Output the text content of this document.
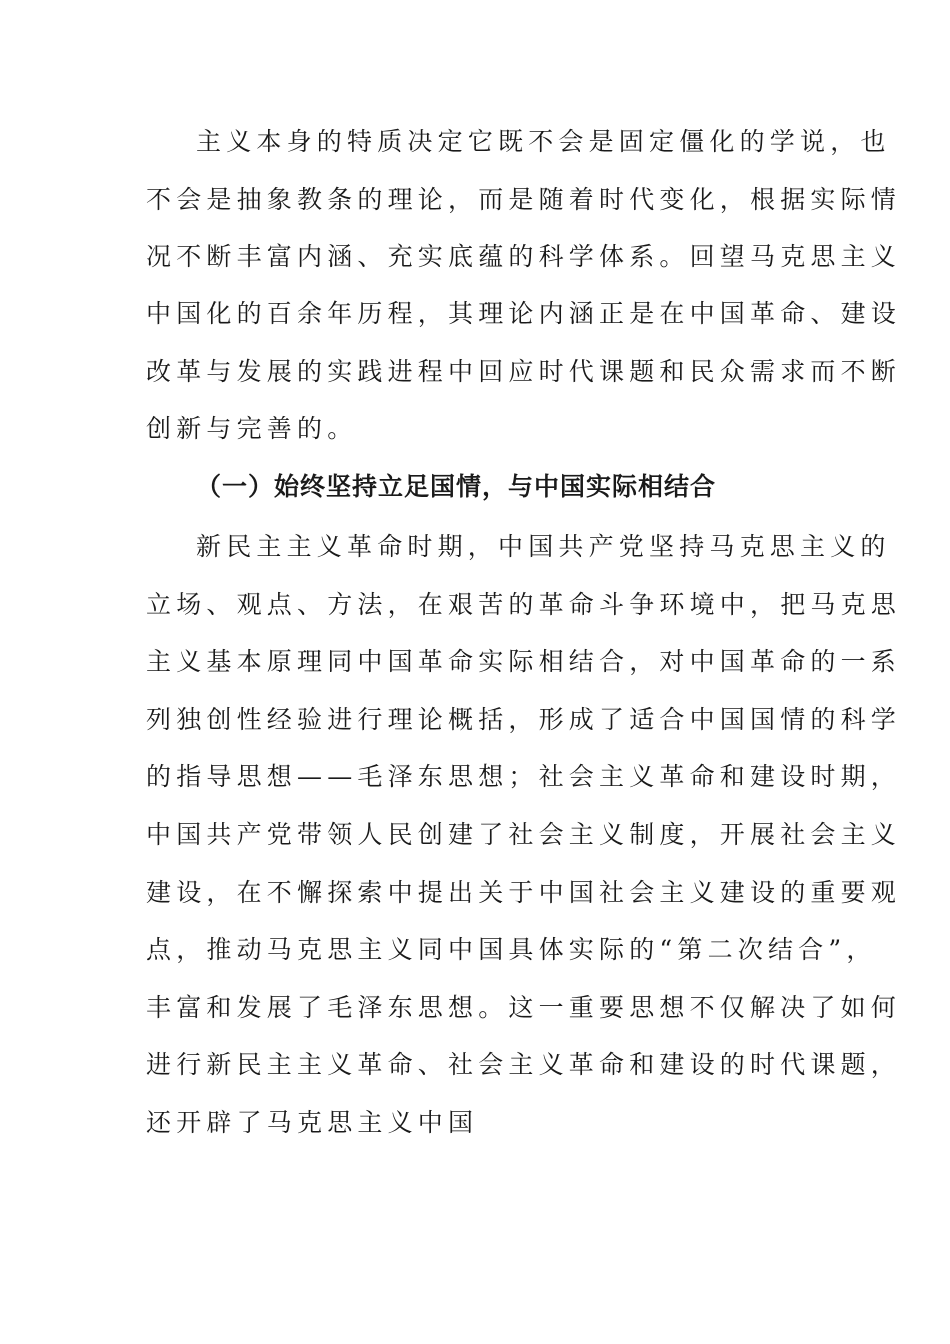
主义本身的特质决定它既不会是固定僵化的学说，也
不会是抽象教条的理论，而是随着时代变化，根据实际情
况不断丰富内涵、充实底蕴的科学体系。回望马克思主义
中国化的百余年历程，其理论内涵正是在中国革命、建设
改革与发展的实践进程中回应时代课题和民众需求而不断
创新与完善的。
（一）始终坚持立足国情，与中国实际相结合
新民主主义革命时期，中国共产党坚持马克思主义的
立场、观点、方法，在艰苦的革命斗争环境中，把马克思
主义基本原理同中国革命实际相结合，对中国革命的一系
列独创性经验进行理论概括，形成了适合中国国情的科学
的指导思想——毛泽东思想；社会主义革命和建设时期，
中国共产党带领人民创建了社会主义制度，开展社会主义
建设，在不懈探索中提出关于中国社会主义建设的重要观
点，推动马克思主义同中国具体实际的“第二次结合”，
丰富和发展了毛泽东思想。这一重要思想不仅解决了如何
进行新民主主义革命、社会主义革命和建设的时代课题，
还开辟了马克思主义中国
